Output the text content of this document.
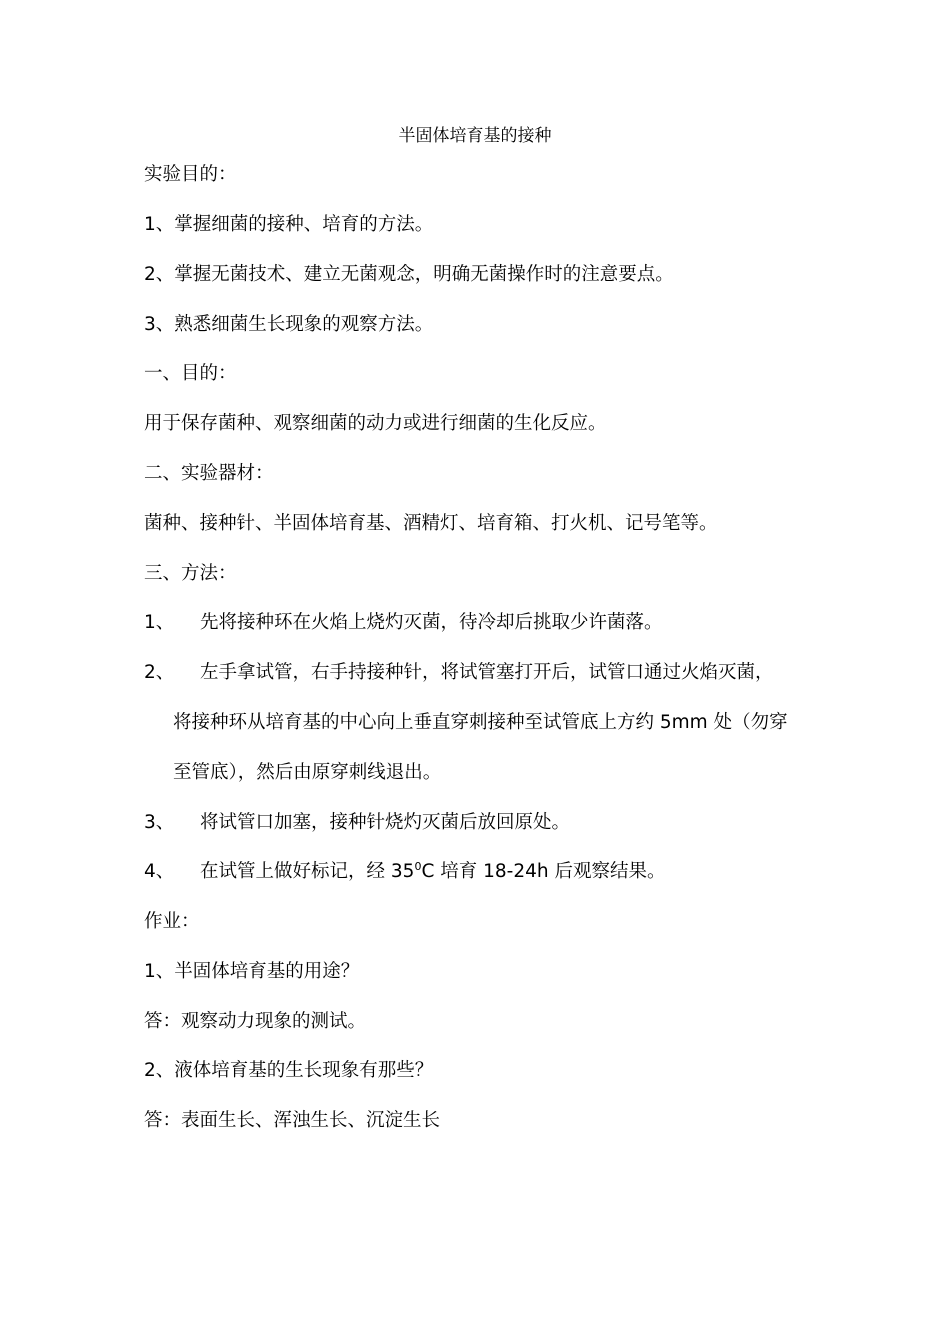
半固体培育基的接种
实验目的：
1、掌握细菌的接种、培育的方法。
2、掌握无菌技术、建立无菌观念，明确无菌操作时的注意要点。
3、熟悉细菌生长现象的观察方法。
一、目的：
用于保存菌种、观察细菌的动力或进行细菌的生化反应。
二、实验器材：
菌种、接种针、半固体培育基、酒精灯、培育箱、打火机、记号笔等。
三、方法：
1、 先将接种环在火焰上烧灼灭菌，待冷却后挑取少许菌落。
2、 左手拿试管，右手持接种针，将试管塞打开后，试管口通过火焰灭菌，
将接种环从培育基的中心向上垂直穿刺接种至试管底上方约 5mm 处（勿穿
至管底），然后由原穿刺线退出。
3、 将试管口加塞，接种针烧灼灭菌后放回原处。
4、 在试管上做好标记，经 $35^0C$ 培育 18-24h 后观察结果。
作业：
1、半固体培育基的用途？
答：观察动力现象的测试。
2、液体培育基的生长现象有那些？
答：表面生长、浑浊生长、沉淀生长
